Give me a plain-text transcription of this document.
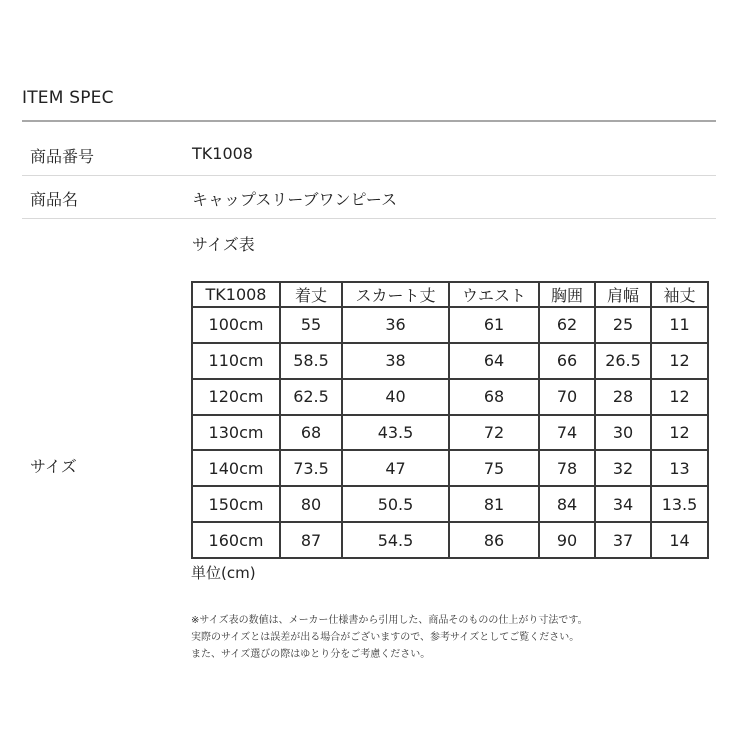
ITEM SPEC
商品番号	TK1008
商品名	キャップスリーブワンピース
サイズ表
サイズ
TK1008	着丈	スカート丈	ウエスト	胸囲	肩幅	袖丈
100cm	55	36	61	62	25	11
110cm	58.5	38	64	66	26.5	12
120cm	62.5	40	68	70	28	12
130cm	68	43.5	72	74	30	12
140cm	73.5	47	75	78	32	13
150cm	80	50.5	81	84	34	13.5
160cm	87	54.5	86	90	37	14
単位(cm)
※サイズ表の数値は、メーカー仕様書から引用した、商品そのものの仕上がり寸法です。
実際のサイズとは誤差が出る場合がございますので、参考サイズとしてご覧ください。
また、サイズ選びの際はゆとり分をご考慮ください。
